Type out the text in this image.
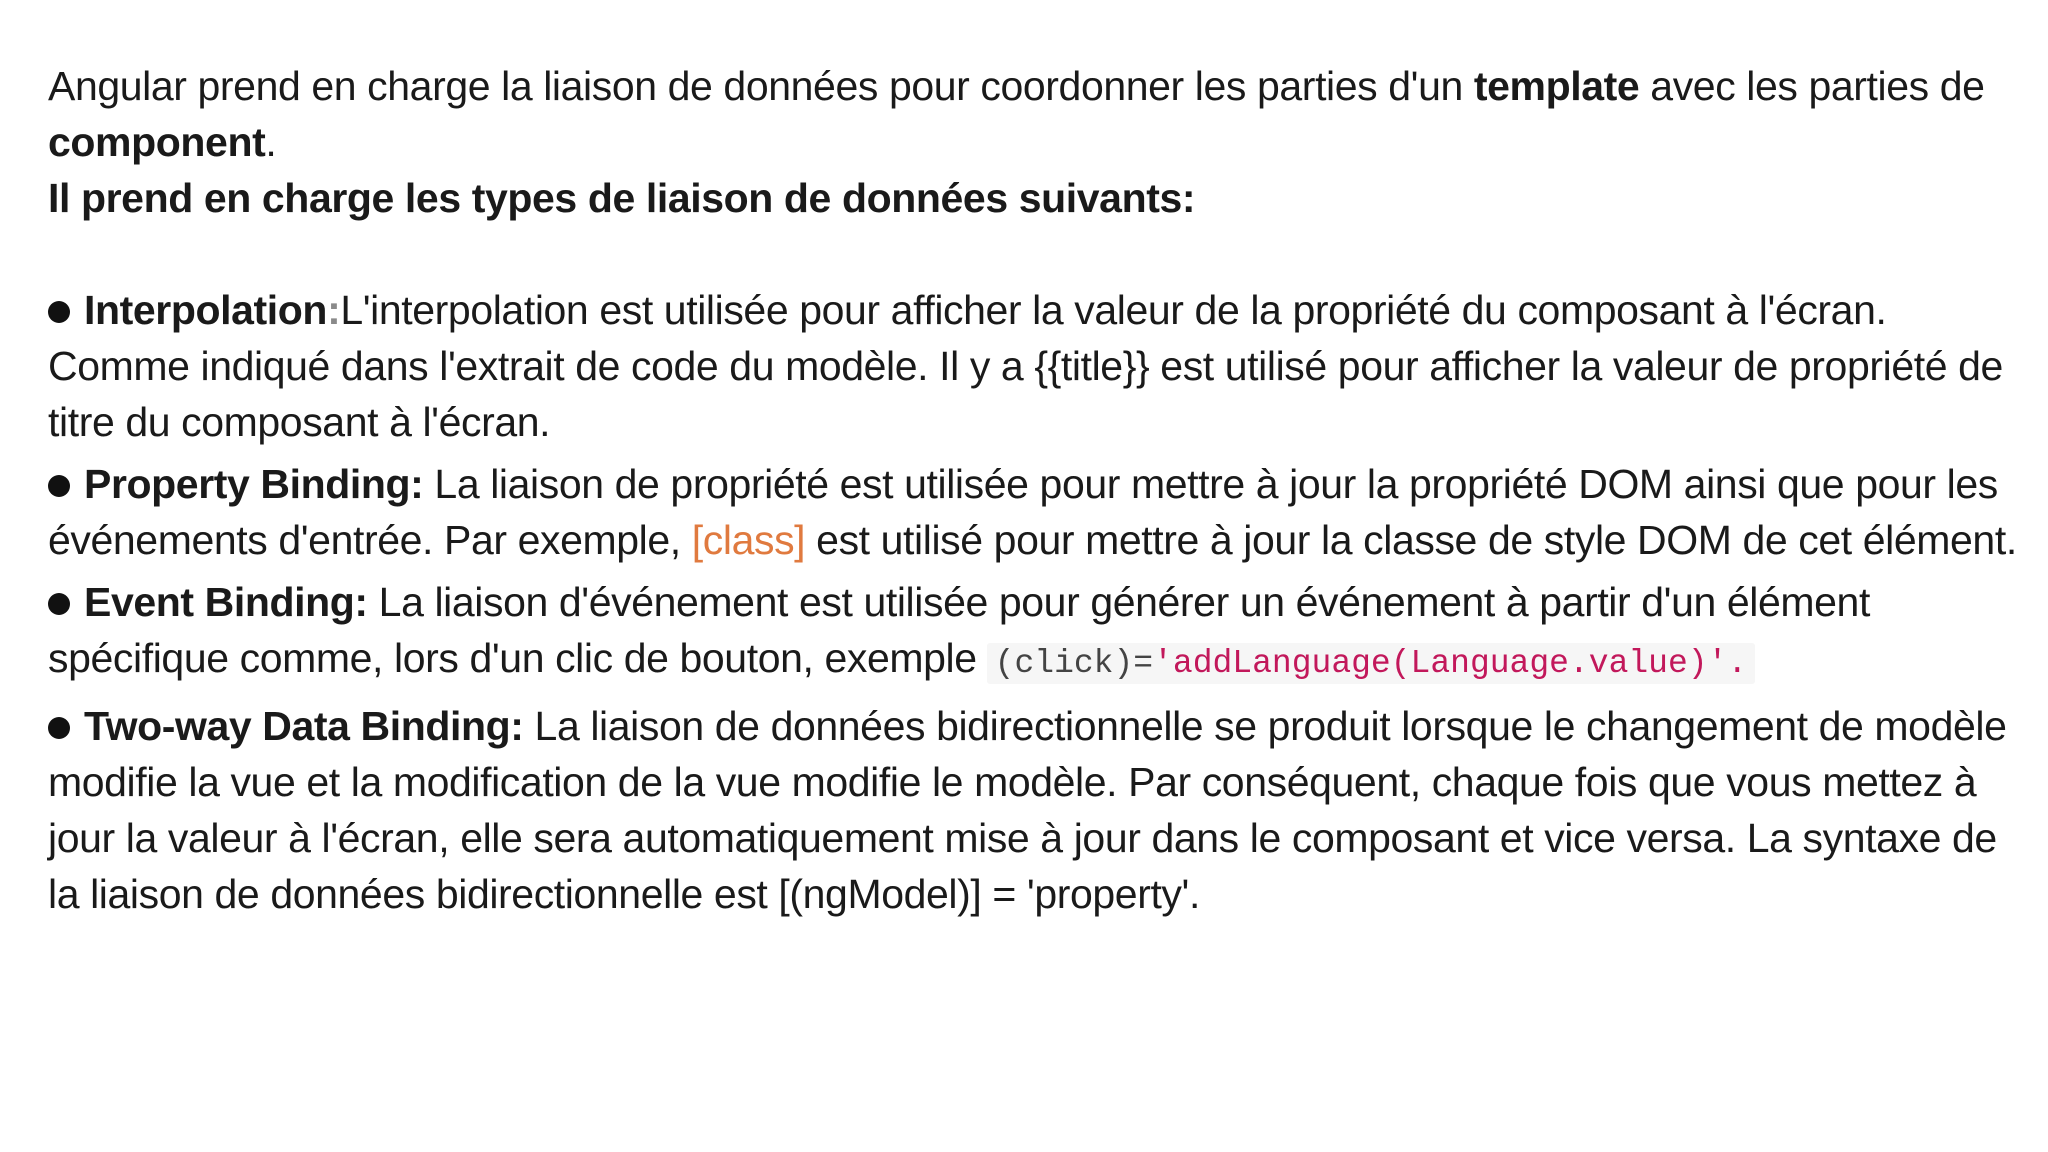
Angular prend en charge la liaison de données pour coordonner les parties d'un template avec les parties de component.

Il prend en charge les types de liaison de données suivants:

Interpolation:L'interpolation est utilisée pour afficher la valeur de la propriété du composant à l'écran. Comme indiqué dans l'extrait de code du modèle. Il y a {{title}} est utilisé pour afficher la valeur de propriété de titre du composant à l'écran.
Property Binding: La liaison de propriété est utilisée pour mettre à jour la propriété DOM ainsi que pour les événements d'entrée. Par exemple, [class] est utilisé pour mettre à jour la classe de style DOM de cet élément.
Event Binding: La liaison d'événement est utilisée pour générer un événement à partir d'un élément spécifique comme, lors d'un clic de bouton, exemple (click)='addLanguage(Language.value)'.
Two-way Data Binding: La liaison de données bidirectionnelle se produit lorsque le changement de modèle modifie la vue et la modification de la vue modifie le modèle. Par conséquent, chaque fois que vous mettez à jour la valeur à l'écran, elle sera automatiquement mise à jour dans le composant et vice versa. La syntaxe de la liaison de données bidirectionnelle est [(ngModel)] = 'property'.
